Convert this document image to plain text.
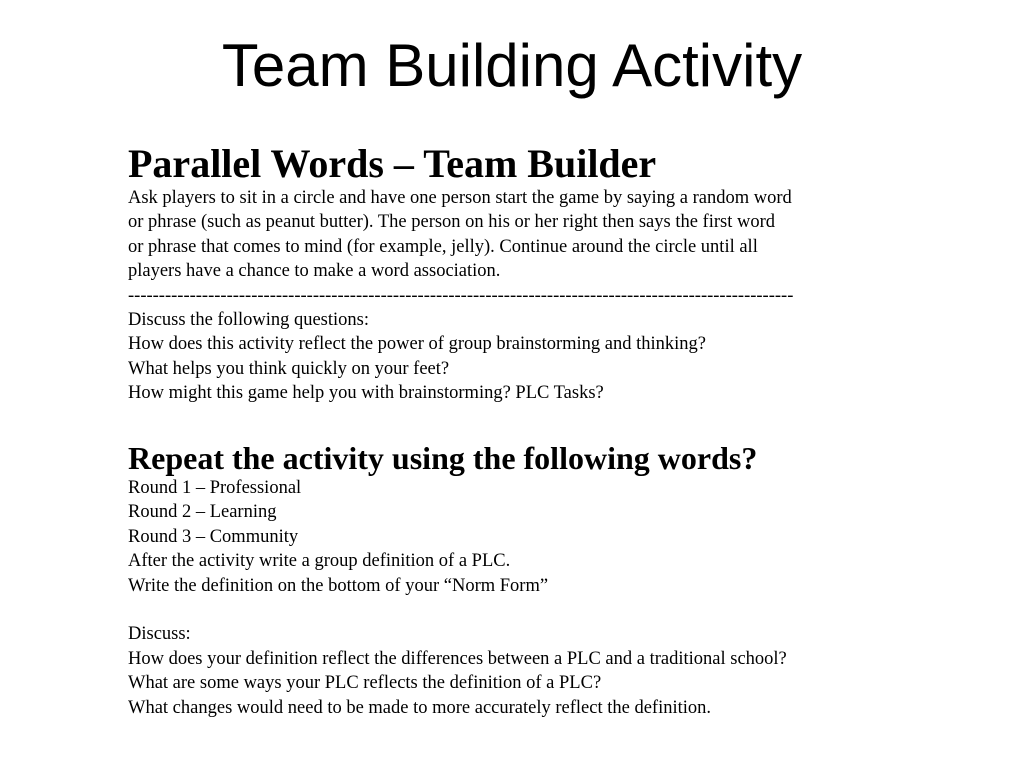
Team Building Activity
Parallel Words – Team Builder

Ask players to sit in a circle and have one person start the game by saying a random word

or phrase (such as peanut butter). The person on his or her right then says the first word

or phrase that comes to mind (for example, jelly). Continue around the circle until all

players have a chance to make a word association.

------------------------------------------------------------------------------------------------------------

Discuss the following questions:

How does this activity reflect the power of group brainstorming and thinking?

What helps you think quickly on your feet?

How might this game help you with brainstorming? PLC Tasks?

Repeat the activity using the following words?

Round 1 – Professional

Round 2 – Learning

Round 3 – Community

After the activity write a group definition of a PLC.

Write the definition on the bottom of your “Norm Form”

Discuss:

How does your definition reflect the differences between a PLC and a traditional school?

What are some ways your PLC reflects the definition of a PLC?

What changes would need to be made to more accurately reflect the definition.
